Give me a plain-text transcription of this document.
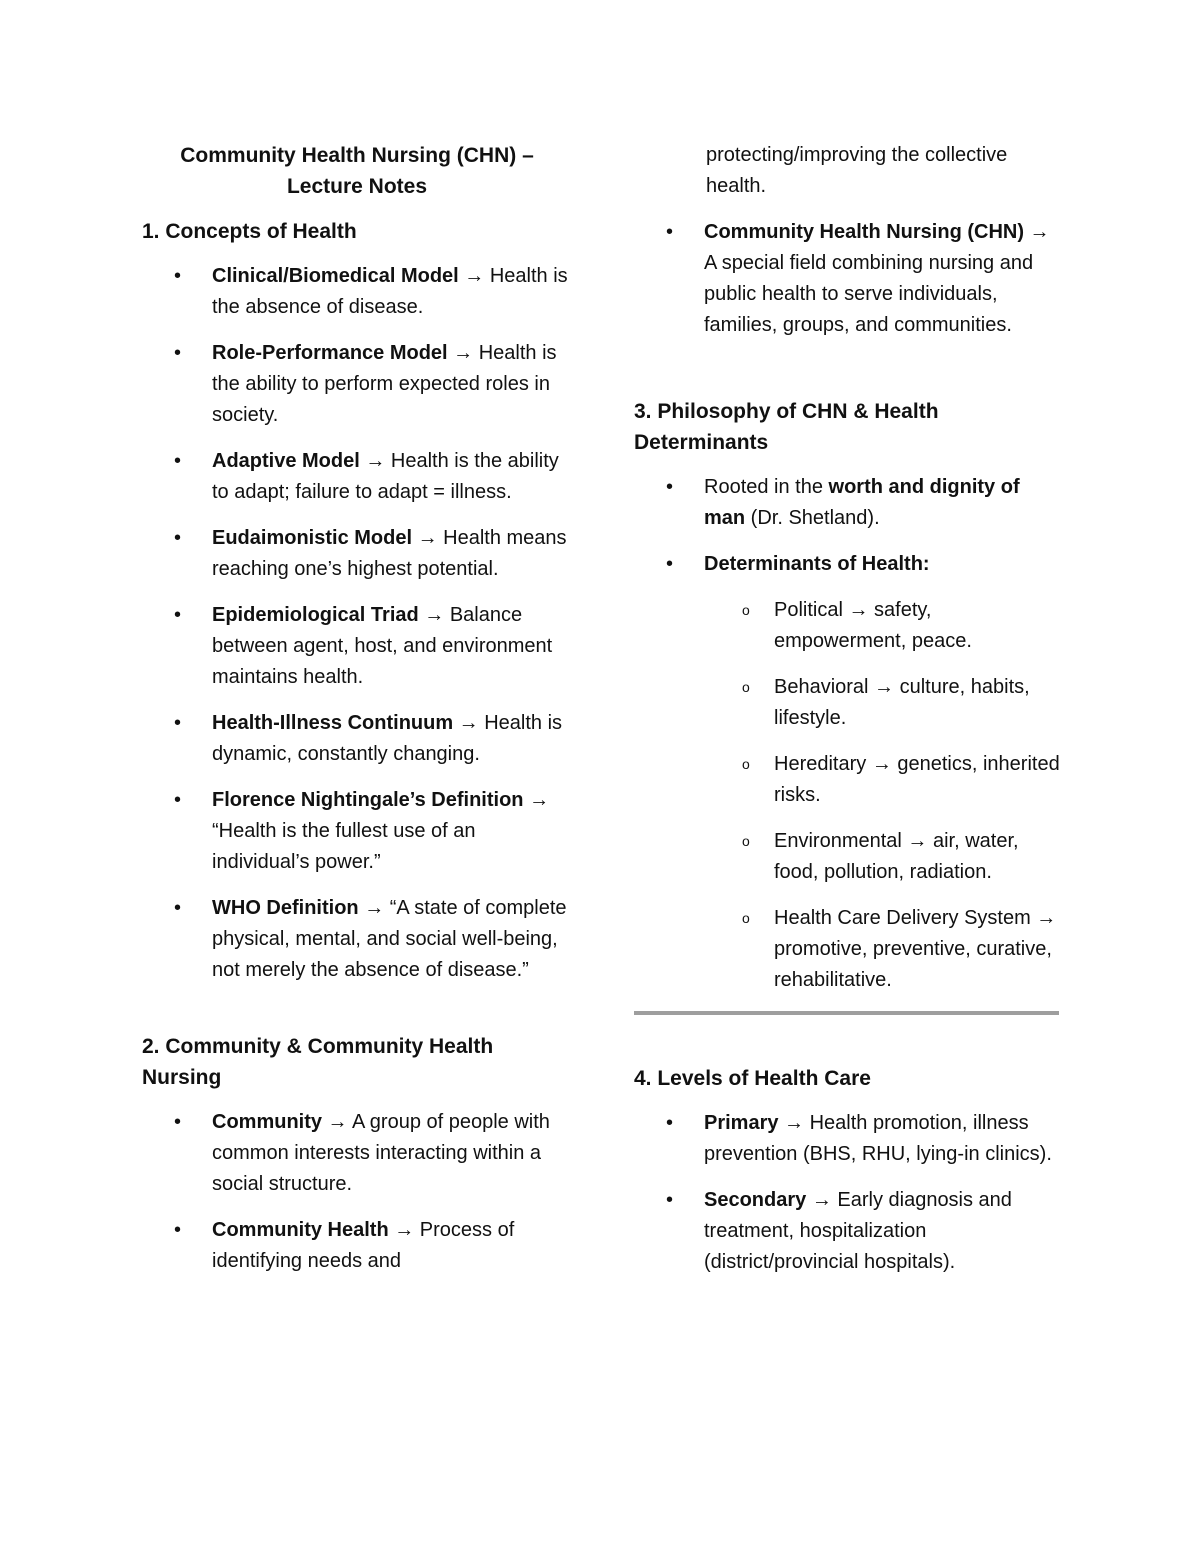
Community Health Nursing (CHN) – Lecture Notes
1. Concepts of Health
• Clinical/Biomedical Model → Health is the absence of disease.
• Role-Performance Model → Health is the ability to perform expected roles in society.
• Adaptive Model → Health is the ability to adapt; failure to adapt = illness.
• Eudaimonistic Model → Health means reaching one’s highest potential.
• Epidemiological Triad → Balance between agent, host, and environment maintains health.
• Health-Illness Continuum → Health is dynamic, constantly changing.
• Florence Nightingale’s Definition → “Health is the fullest use of an individual’s power.”
• WHO Definition → “A state of complete physical, mental, and social well-being, not merely the absence of disease.”
2. Community & Community Health Nursing
• Community → A group of people with common interests interacting within a social structure.
• Community Health → Process of identifying needs and
protecting/improving the collective health.
• Community Health Nursing (CHN) → A special field combining nursing and public health to serve individuals, families, groups, and communities.
3. Philosophy of CHN & Health Determinants
• Rooted in the worth and dignity of man (Dr. Shetland).
• Determinants of Health:
o	Political → safety, empowerment, peace.
o	Behavioral → culture, habits, lifestyle.
o	Hereditary → genetics, inherited risks.
o	Environmental → air, water, food, pollution, radiation.
o	Health Care Delivery System → promotive, preventive, curative, rehabilitative.
4. Levels of Health Care
• Primary → Health promotion, illness prevention (BHS, RHU, lying-in clinics).
• Secondary → Early diagnosis and treatment, hospitalization (district/provincial hospitals).
